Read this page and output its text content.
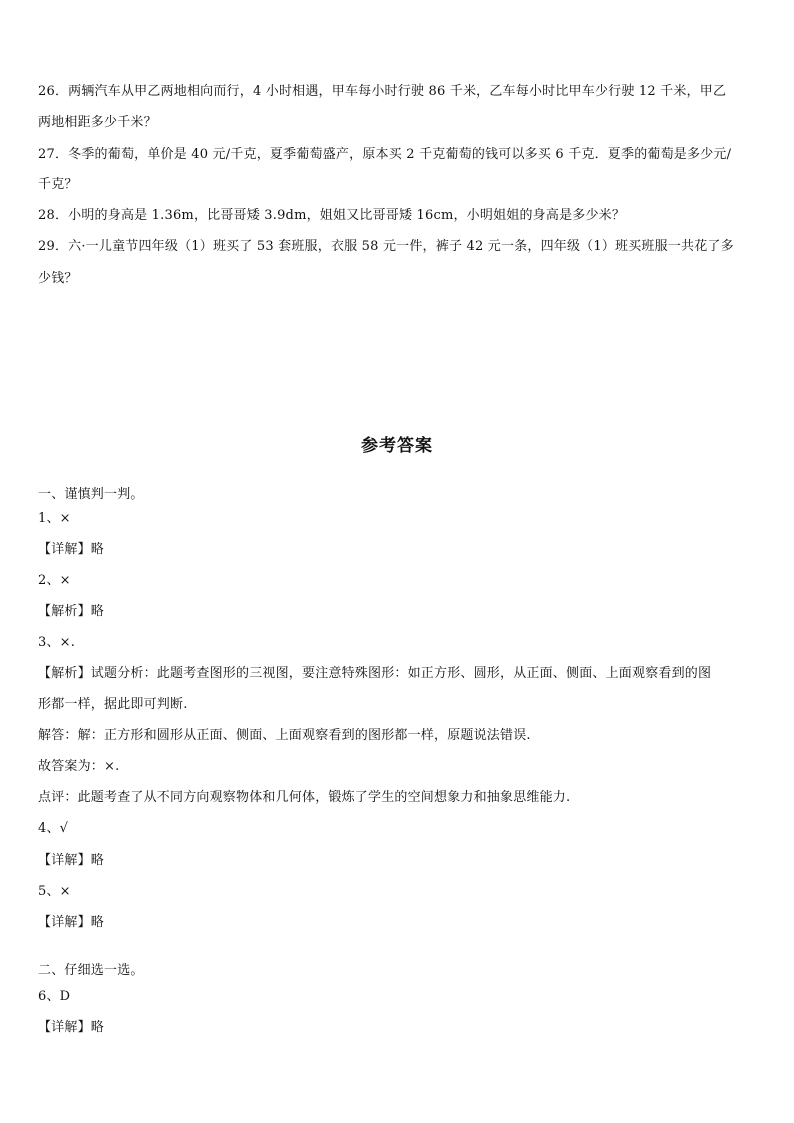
26．两辆汽车从甲乙两地相向而行，4 小时相遇，甲车每小时行驶 86 千米，乙车每小时比甲车少行驶 12 千米，甲乙
两地相距多少千米？
27．冬季的葡萄，单价是 40 元/千克，夏季葡萄盛产，原本买 2 千克葡萄的钱可以多买 6 千克．夏季的葡萄是多少元/
千克？
28．小明的身高是 1.36m，比哥哥矮 3.9dm，姐姐又比哥哥矮 16cm，小明姐姐的身高是多少米？
29．六·一儿童节四年级（1）班买了 53 套班服，衣服 58 元一件，裤子 42 元一条，四年级（1）班买班服一共花了多
少钱？
参考答案
一、谨慎判一判。
1、×
【详解】略
2、×
【解析】略
3、×.
【解析】试题分析：此题考查图形的三视图，要注意特殊图形：如正方形、圆形，从正面、侧面、上面观察看到的图
形都一样，据此即可判断.
解答：解：正方形和圆形从正面、侧面、上面观察看到的图形都一样，原题说法错误.
故答案为：×.
点评：此题考查了从不同方向观察物体和几何体，锻炼了学生的空间想象力和抽象思维能力.
4、√
【详解】略
5、×
【详解】略
二、仔细选一选。
6、D
【详解】略
